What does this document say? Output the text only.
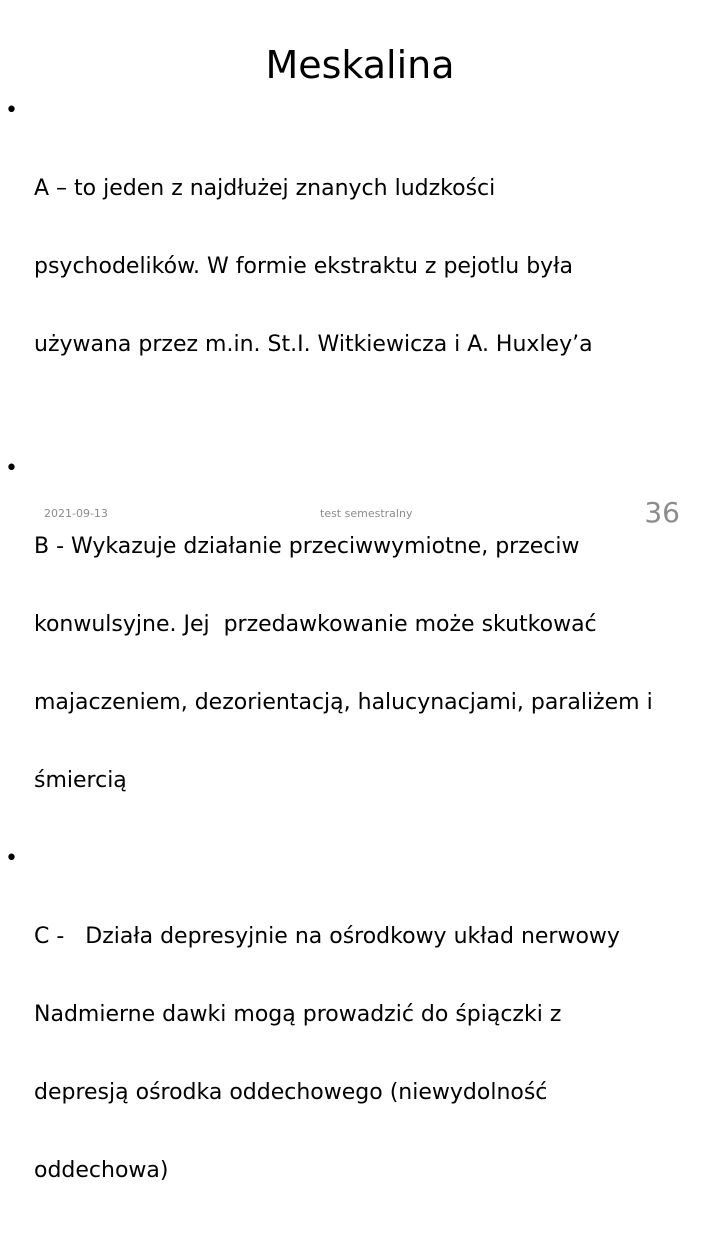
Meskalina

•

A – to jeden z najdłużej znanych ludzkości

psychodelików. W formie ekstraktu z pejotlu była

używana przez m.in. St.I. Witkiewicza i A. Huxley’a

•

B - Wykazuje działanie przeciwwymiotne, przeciw

konwulsyjne. Jej  przedawkowanie może skutkować

majaczeniem, dezorientacją, halucynacjami, paraliżem i

śmiercią

•

C -   Działa depresyjnie na ośrodkowy układ nerwowy

Nadmierne dawki mogą prowadzić do śpiączki z

depresją ośrodka oddechowego (niewydolność

oddechowa)

2021-09-13	test semestralny	36
